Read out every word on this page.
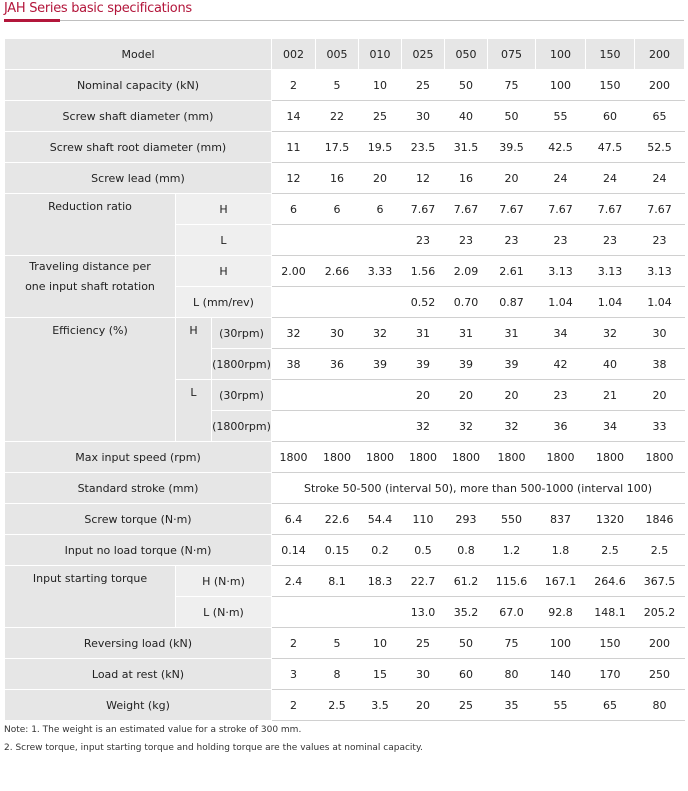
JAH Series basic specifications
Model			002	005	010	025	050	075	100	150	200
Nominal capacity (kN)			2	5	10	25	50	75	100	150	200
Screw shaft diameter (mm)			14	22	25	30	40	50	55	60	65
Screw shaft root diameter (mm)			11	17.5	19.5	23.5	31.5	39.5	42.5	47.5	52.5
Screw lead (mm)			12	16	20	12	16	20	24	24	24
Reduction ratio	H		6	6	6	7.67	7.67	7.67	7.67	7.67	7.67
	L					23	23	23	23	23	23

Traveling distance per
one input shaft rotation	H		2.00	2.66	3.33	1.56	2.09	2.61	3.13	3.13	3.13
	L (mm/rev)					0.52	0.70	0.87	1.04	1.04	1.04
Efficiency (%)	H	(30rpm)	32	30	32	31	31	31	34	32	30
		(1800rpm)	38	36	39	39	39	39	42	40	38
	L	(30rpm)				20	20	20	23	21	20
		(1800rpm)				32	32	32	36	34	33
Max input speed (rpm)			1800	1800	1800	1800	1800	1800	1800	1800	1800
Standard stroke (mm)			Stroke 50-500 (interval 50), more than 500-1000 (interval 100)								
Screw torque (N·m)			6.4	22.6	54.4	110	293	550	837	1320	1846
Input no load torque (N·m)			0.14	0.15	0.2	0.5	0.8	1.2	1.8	2.5	2.5
Input starting torque	H (N·m)		2.4	8.1	18.3	22.7	61.2	115.6	167.1	264.6	367.5
	L (N·m)					13.0	35.2	67.0	92.8	148.1	205.2
Reversing load (kN)			2	5	10	25	50	75	100	150	200
Load at rest (kN)			3	8	15	30	60	80	140	170	250
Weight (kg)			2	2.5	3.5	20	25	35	55	65	80
Note: 1. The weight is an estimated value for a stroke of 300 mm.
2. Screw torque, input starting torque and holding torque are the values at nominal capacity.
